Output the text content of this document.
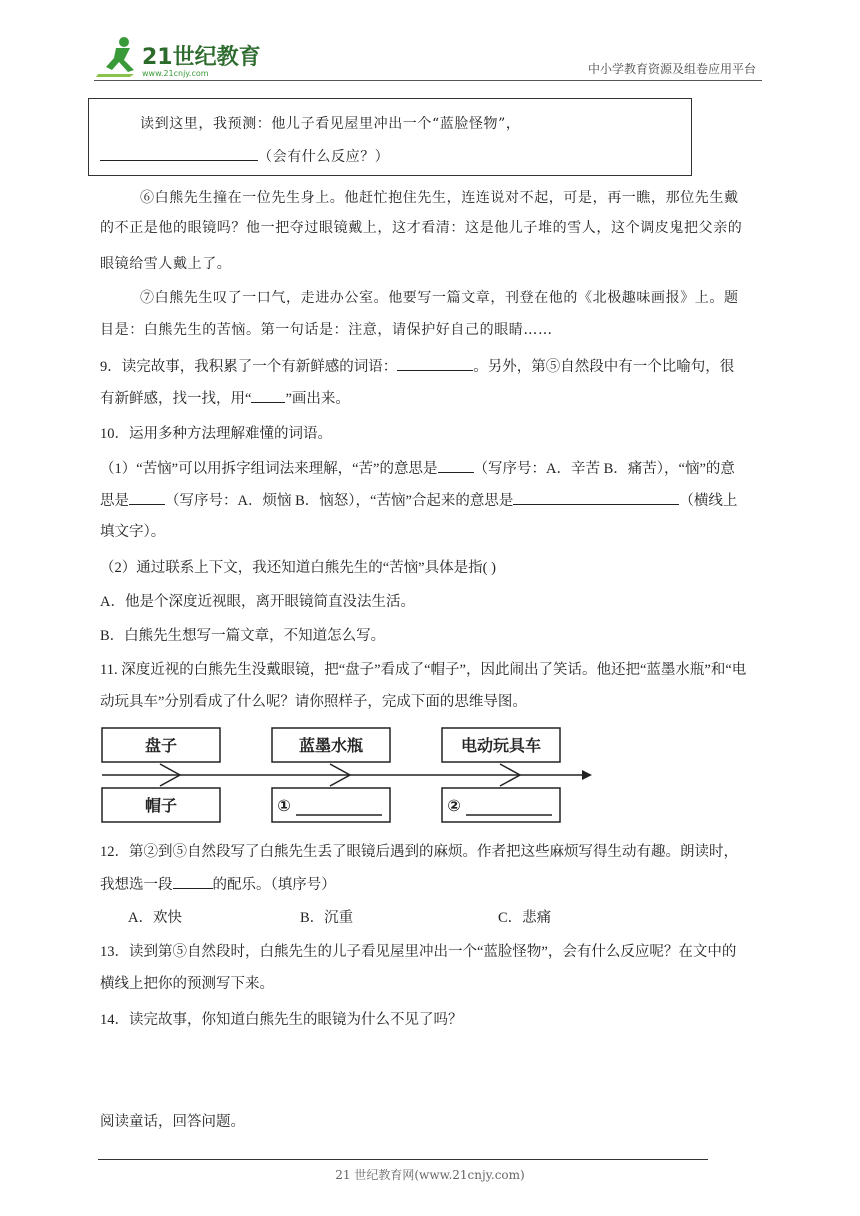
21世纪教育
www.21cnjy.com	中小学教育资源及组卷应用平台
读到这里，我预测：他儿子看见屋里冲出一个“蓝脸怪物”，
（会有什么反应？）
⑥白熊先生撞在一位先生身上。他赶忙抱住先生，连连说对不起，可是，再一瞧，那位先生戴
的不正是他的眼镜吗？他一把夺过眼镜戴上，这才看清：这是他儿子堆的雪人，这个调皮鬼把父亲的
眼镜给雪人戴上了。
⑦白熊先生叹了一口气，走进办公室。他要写一篇文章，刊登在他的《北极趣味画报》上。题
目是：白熊先生的苦恼。第一句话是：注意，请保护好自己的眼睛……
9．读完故事，我积累了一个有新鲜感的词语：	。另外，第⑤自然段中有一个比喻句，很
有新鲜感，找一找，用“ ”画出来。
10．运用多种方法理解难懂的词语。
（1）“苦恼”可以用拆字组词法来理解，“苦”的意思是 （写序号：A．辛苦 B．痛苦），“恼”的意
思是 （写序号：A．烦恼 B．恼怒），“苦恼”合起来的意思是	（横线上
填文字）。
（2）通过联系上下文，我还知道白熊先生的“苦恼”具体是指( )
A．他是个深度近视眼，离开眼镜简直没法生活。
B．白熊先生想写一篇文章，不知道怎么写。
11. 深度近视的白熊先生没戴眼镜，把“盘子”看成了“帽子”，因此闹出了笑话。他还把“蓝墨水瓶”和“电
动玩具车”分别看成了什么呢？请你照样子，完成下面的思维导图。
盘子	蓝墨水瓶	电动玩具车
帽子	①	②
12．第②到⑤自然段写了白熊先生丢了眼镜后遇到的麻烦。作者把这些麻烦写得生动有趣。朗读时，
我想选一段	的配乐。（填序号）
A．欢快	B．沉重	C．悲痛
13．读到第⑤自然段时，白熊先生的儿子看见屋里冲出一个“蓝脸怪物”，会有什么反应呢？在文中的
横线上把你的预测写下来。
14．读完故事，你知道白熊先生的眼镜为什么不见了吗？
阅读童话，回答问题。
21 世纪教育网(www.21cnjy.com)
